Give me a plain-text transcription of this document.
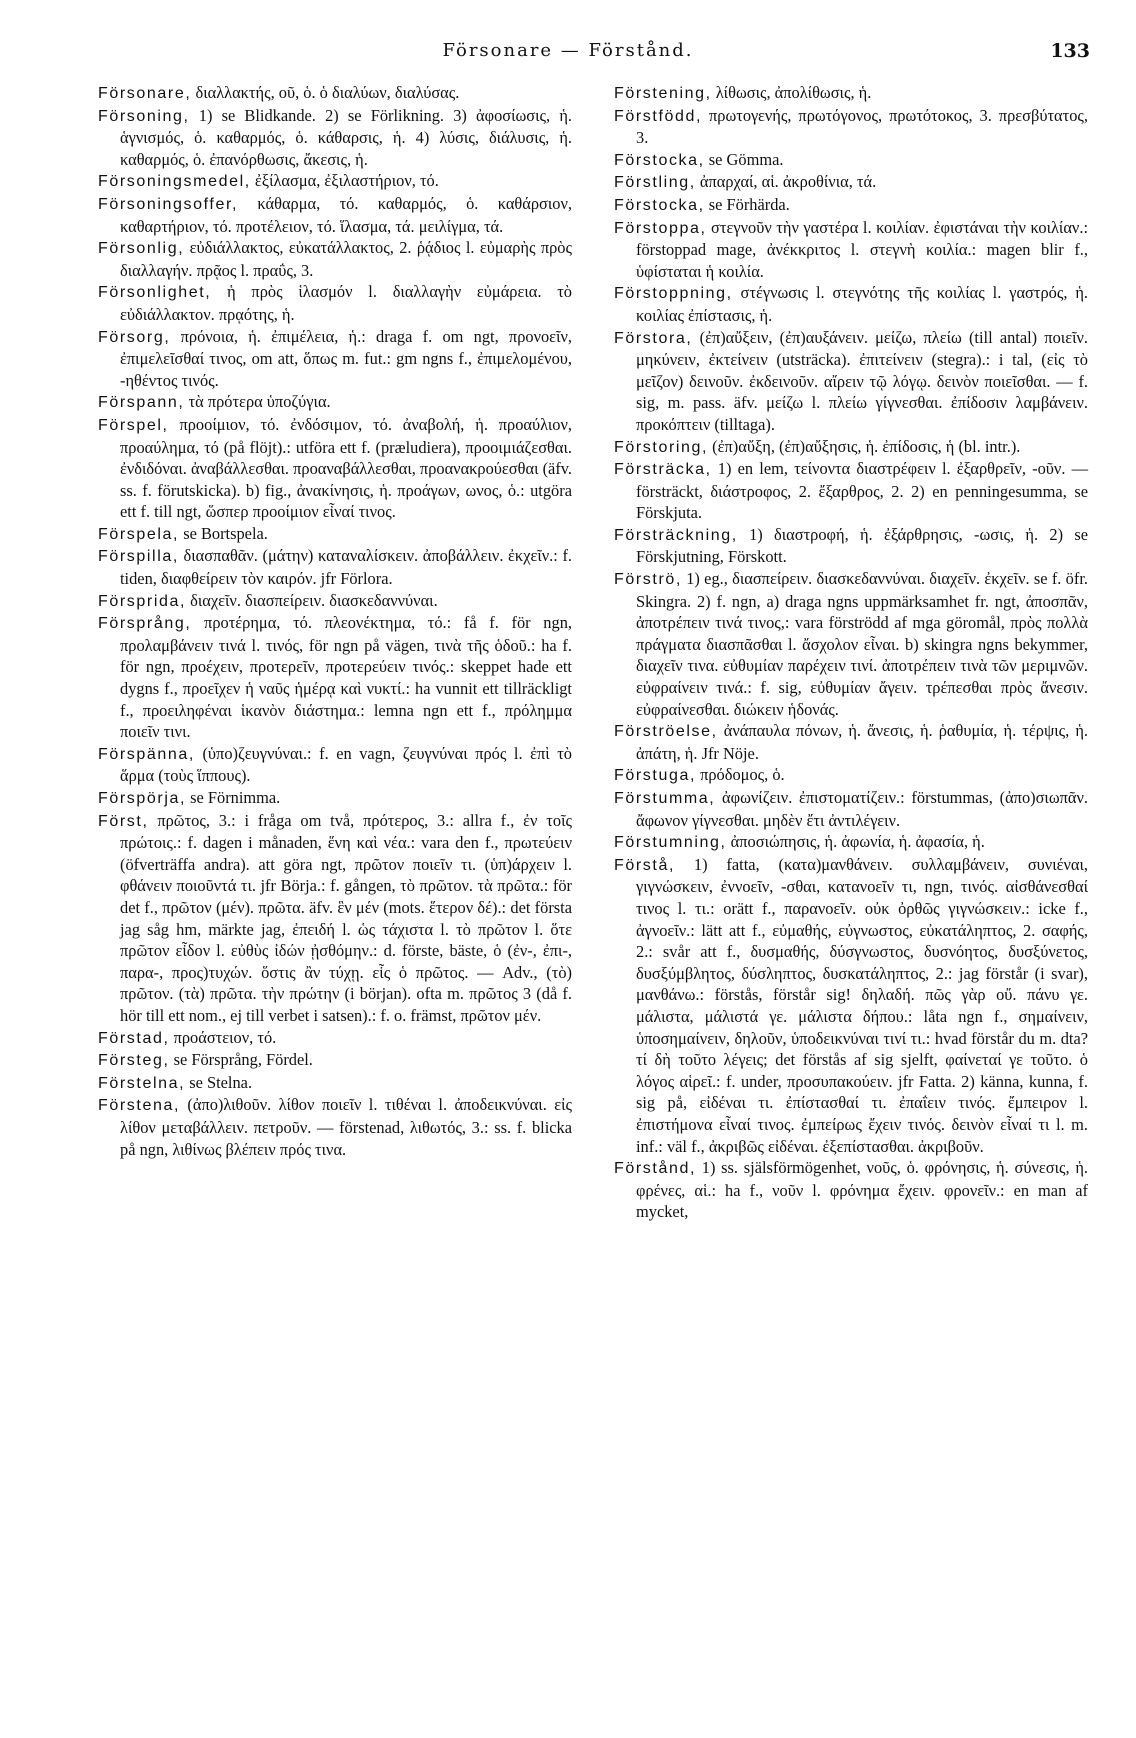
Försonare — Förstånd.	133

Försonare, διαλλακτής, οῦ, ὁ. ὁ διαλύων, διαλύσας.

Försoning, 1) se Blidkande. 2) se Förlikning. 3) ἀφοσίωσις, ἡ. ἁγνισμός, ὁ. καθαρμός, ὁ. κάθαρσις, ἡ. 4) λύσις, διάλυσις, ἡ. καθαρμός, ὁ. ἐπανόρθωσις, ἄκεσις, ἡ.

Försoningsmedel, ἐξίλασμα, ἐξιλαστήριον, τό.

Försoningsoffer, κάθαρμα, τό. καθαρμός, ὁ. καθάρσιον, καθαρτήριον, τό. προτέλειον, τό. ἵλασμα, τά. μειλίγμα, τά.

Försonlig, εὐδιάλλακτος, εὐκατάλλακτος, 2. ῥᾴδιος l. εὐμαρὴς πρὸς διαλλαγήν. πρᾷος l. πραΰς, 3.

Försonlighet, ἡ πρὸς ἱλασμόν l. διαλλαγὴν εὐμάρεια. τὸ εὐδιάλλακτον. πρᾳότης, ἡ.

Försorg, πρόνοια, ἡ. ἐπιμέλεια, ἡ.: draga f. om ngt, προνοεῖν, ἐπιμελεῖσθαί τινος, om att, ὅπως m. fut.: gm ngns f., ἐπιμελομένου, -ηθέντος τινός.

Förspann, τὰ πρότερα ὑποζύγια.

Förspel, προοίμιον, τό. ἐνδόσιμον, τό. ἀναβολή, ἡ. προαύλιον, προαύλημα, τό (på flöjt).: utföra ett f. (præludiera), προοιμιάζεσθαι. ἐνδιδόναι. ἀναβάλλεσθαι. προαναβάλλεσθαι, προανακρούεσθαι (äfv. ss. f. förutskicka). b) fig., ἀνακίνησις, ἡ. προάγων, ωνος, ὁ.: utgöra ett f. till ngt, ὥσπερ προοίμιον εἶναί τινος.

Förspela, se Bortspela.

Förspilla, διασπαθᾶν. (μάτην) καταναλίσκειν. ἀποβάλλειν. ἐκχεῖν.: f. tiden, διαφθείρειν τὸν καιρόν. jfr Förlora.

Försprida, διαχεῖν. διασπείρειν. διασκεδαννύναι.

Försprång, προτέρημα, τό. πλεονέκτημα, τό.: få f. för ngn, προλαμβάνειν τινά l. τινός, för ngn på vägen, τινὰ τῆς ὁδοῦ.: ha f. för ngn, προέχειν, προτερεῖν, προτερεύειν τινός.: skeppet hade ett dygns f., προεῖχεν ἡ ναῦς ἡμέρᾳ καὶ νυκτί.: ha vunnit ett tillräckligt f., προειληφέναι ἱκανὸν διάστημα.: lemna ngn ett f., πρόλημμα ποιεῖν τινι.

Förspänna, (ὑπο)ζευγνύναι.: f. en vagn, ζευγνύναι πρός l. ἐπὶ τὸ ἅρμα (τοὺς ἵππους).

Förspörja, se Förnimma.

Först, πρῶτος, 3.: i fråga om två, πρότερος, 3.: allra f., ἐν τοῖς πρώτοις.: f. dagen i månaden, ἕνη καὶ νέα.: vara den f., πρωτεύειν (öfverträffa andra). att göra ngt, πρῶτον ποιεῖν τι. (ὑπ)άρχειν l. φθάνειν ποιοῦντά τι. jfr Börja.: f. gången, τὸ πρῶτον. τὰ πρῶτα.: för det f., πρῶτον (μέν). πρῶτα. äfv. ἓν μέν (mots. ἕτερον δέ).: det första jag såg hm, märkte jag, ἐπειδή l. ὡς τάχιστα l. τὸ πρῶτον l. ὅτε πρῶτον εἶδον l. εὐθὺς ἰδών ᾐσθόμην.: d. förste, bäste, ὁ (ἐν-, ἐπι-, παρα-, προς)τυχών. ὅστις ἂν τύχῃ. εἷς ὁ πρῶτος. — Adv., (τὸ) πρῶτον. (τὰ) πρῶτα. τὴν πρώτην (i början). ofta m. πρῶτος 3 (då f. hör till ett nom., ej till verbet i satsen).: f. o. främst, πρῶτον μέν.

Förstad, προάστειον, τό.

Försteg, se Försprång, Fördel.

Förstelna, se Stelna.

Förstena, (ἀπο)λιθοῦν. λίθον ποιεῖν l. τιθέναι l. ἀποδεικνύναι. εἰς λίθον μεταβάλλειν. πετροῦν. — förstenad, λιθωτός, 3.: ss. f. blicka på ngn, λιθίνως βλέπειν πρός τινα.

Förstening, λίθωσις, ἀπολίθωσις, ἡ.

Förstfödd, πρωτογενής, πρωτόγονος, πρωτότοκος, 3. πρεσβύτατος, 3.

Förstocka, se Gömma.

Förstling, ἀπαρχαί, αἱ. ἀκροθίνια, τά.

Förstocka, se Förhärda.

Förstoppa, στεγνοῦν τὴν γαστέρα l. κοιλίαν. ἐφιστάναι τὴν κοιλίαν.: förstoppad mage, ἀνέκκριτος l. στεγνὴ κοιλία.: magen blir f., ὑφίσταται ἡ κοιλία.

Förstoppning, στέγνωσις l. στεγνότης τῆς κοιλίας l. γαστρός, ἡ. κοιλίας ἐπίστασις, ἡ.

Förstora, (ἐπ)αὔξειν, (ἐπ)αυξάνειν. μείζω, πλείω (till antal) ποιεῖν. μηκύνειν, ἐκτείνειν (utsträcka). ἐπιτείνειν (stegra).: i tal, (εἰς τὸ μεῖζον) δεινοῦν. ἐκδεινοῦν. αἴρειν τῷ λόγῳ. δεινὸν ποιεῖσθαι. — f. sig, m. pass. äfv. μείζω l. πλείω γίγνεσθαι. ἐπίδοσιν λαμβάνειν. προκόπτειν (tilltaga).

Förstoring, (ἐπ)αὔξη, (ἐπ)αὔξησις, ἡ. ἐπίδοσις, ἡ (bl. intr.).

Försträcka, 1) en lem, τείνοντα διαστρέφειν l. ἐξαρθρεῖν, -οῦν. — försträckt, διάστροφος, 2. ἔξαρθρος, 2. 2) en penningesumma, se Förskjuta.

Försträckning, 1) διαστροφή, ἡ. ἐξάρθρησις, -ωσις, ἡ. 2) se Förskjutning, Förskott.

Förströ, 1) eg., διασπείρειν. διασκεδαννύναι. διαχεῖν. ἐκχεῖν. se f. öfr. Skingra. 2) f. ngn, a) draga ngns uppmärksamhet fr. ngt, ἀποσπᾶν, ἀποτρέπειν τινά τινος,: vara förströdd af mga göromål, πρὸς πολλὰ πράγματα διασπᾶσθαι l. ἄσχολον εἶναι. b) skingra ngns bekymmer, διαχεῖν τινα. εὐθυμίαν παρέχειν τινί. ἀποτρέπειν τινὰ τῶν μεριμνῶν. εὐφραίνειν τινά.: f. sig, εὐθυμίαν ἄγειν. τρέπεσθαι πρὸς ἄνεσιν. εὐφραίνεσθαι. διώκειν ἡδονάς.

Förströelse, ἀνάπαυλα πόνων, ἡ. ἄνεσις, ἡ. ῥαθυμία, ἡ. τέρψις, ἡ. ἀπάτη, ἡ. Jfr Nöje.

Förstuga, πρόδομος, ὁ.

Förstumma, ἀφωνίζειν. ἐπιστοματίζειν.: förstummas, (ἀπο)σιωπᾶν. ἄφωνον γίγνεσθαι. μηδὲν ἔτι ἀντιλέγειν.

Förstumning, ἀποσιώπησις, ἡ. ἀφωνία, ἡ. ἀφασία, ἡ.

Förstå, 1) fatta, (κατα)μανθάνειν. συλλαμβάνειν, συνιέναι, γιγνώσκειν, ἐννοεῖν, -σθαι, κατανοεῖν τι, ngn, τινός. αἰσθάνεσθαί τινος l. τι.: orätt f., παρανοεῖν. οὐκ ὀρθῶς γιγνώσκειν.: icke f., ἀγνοεῖν.: lätt att f., εὐμαθής, εὐγνωστος, εὐκατάληπτος, 2. σαφής, 2.: svår att f., δυσμαθής, δύσγνωστος, δυσνόητος, δυσξύνετος, δυσξύμβλητος, δύσληπτος, δυσκατάληπτος, 2.: jag förstår (i svar), μανθάνω.: förstås, förstår sig! δηλαδή. πῶς γὰρ οὔ. πάνυ γε. μάλιστα, μάλιστά γε. μάλιστα δήπου.: låta ngn f., σημαίνειν, ὑποσημαίνειν, δηλοῦν, ὑποδεικνύναι τινί τι.: hvad förstår du m. dta? τί δὴ τοῦτο λέγεις; det förstås af sig sjelft, φαίνεταί γε τοῦτο. ὁ λόγος αἱρεῖ.: f. under, προσυπακούειν. jfr Fatta. 2) känna, kunna, f. sig på, εἰδέναι τι. ἐπίστασθαί τι. ἐπαΐειν τινός. ἔμπειρον l. ἐπιστήμονα εἶναί τινος. ἐμπείρως ἔχειν τινός. δεινὸν εἶναί τι l. m. inf.: väl f., ἀκριβῶς εἰδέναι. ἐξεπίστασθαι. ἀκριβοῦν.

Förstånd, 1) ss. själsförmögenhet, νοῦς, ὁ. φρόνησις, ἡ. σύνεσις, ἡ. φρένες, αἱ.: ha f., νοῦν l. φρόνημα ἔχειν. φρονεῖν.: en man af mycket,
